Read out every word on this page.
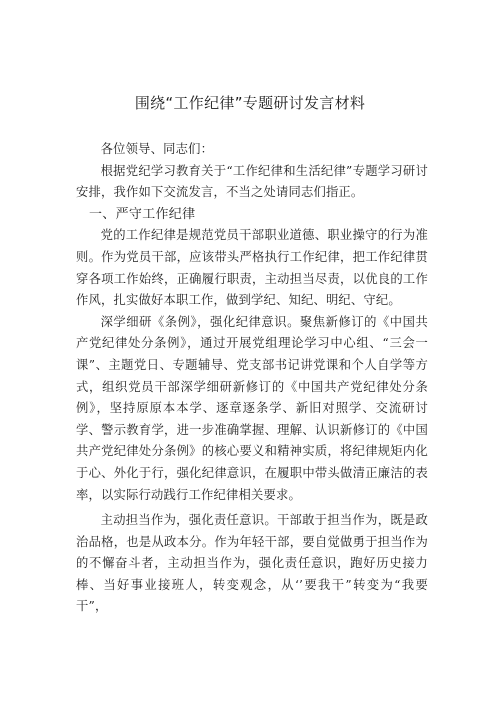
围绕“工作纪律”专题研讨发言材料

各位领导、同志们：

根据党纪学习教育关于“工作纪律和生活纪律”专题学习研讨安排，我作如下交流发言，不当之处请同志们指正。

一、严守工作纪律

党的工作纪律是规范党员干部职业道德、职业操守的行为准则。作为党员干部，应该带头严格执行工作纪律，把工作纪律贯穿各项工作始终，正确履行职责，主动担当尽责，以优良的工作作风，扎实做好本职工作，做到学纪、知纪、明纪、守纪。

深学细研《条例》，强化纪律意识。聚焦新修订的《中国共产党纪律处分条例》，通过开展党组理论学习中心组、“三会一课”、主题党日、专题辅导、党支部书记讲党课和个人自学等方式，组织党员干部深学细研新修订的《中国共产党纪律处分条例》，坚持原原本本学、逐章逐条学、新旧对照学、交流研讨学、警示教育学，进一步准确掌握、理解、认识新修订的《中国共产党纪律处分条例》的核心要义和精神实质，将纪律规矩内化于心、外化于行，强化纪律意识，在履职中带头做清正廉洁的表率，以实际行动践行工作纪律相关要求。

主动担当作为，强化责任意识。干部敢于担当作为，既是政治品格，也是从政本分。作为年轻干部，要自觉做勇于担当作为的不懈奋斗者，主动担当作为，强化责任意识，跑好历史接力棒、当好事业接班人，转变观念，从‘’要我干”转变为“我要干”，
